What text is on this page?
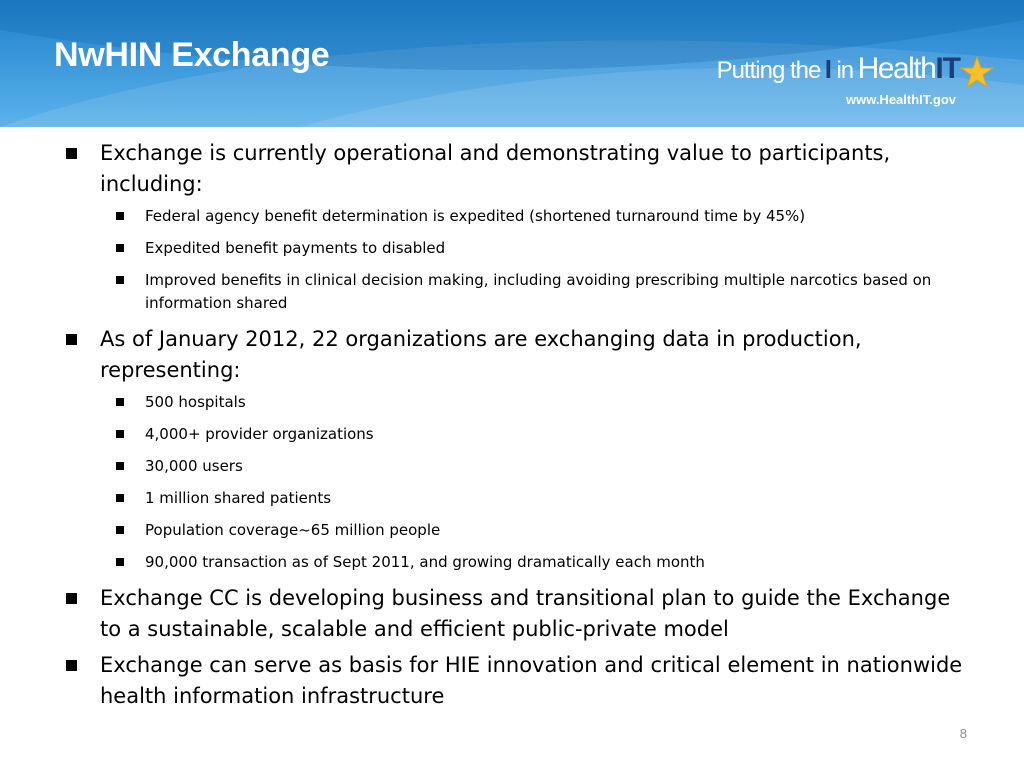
NwHIN Exchange	Putting the I in HealthIT
www.HealthIT.gov
Exchange is currently operational and demonstrating value to participants, including:
Federal agency benefit determination is expedited (shortened turnaround time by 45%)
Expedited benefit payments to disabled
Improved benefits in clinical decision making, including avoiding prescribing multiple narcotics based on information shared
As of January 2012, 22 organizations are exchanging data in production, representing:
500 hospitals
4,000+ provider organizations
30,000 users
1 million shared patients
Population coverage~65 million people
90,000 transaction as of Sept 2011, and growing dramatically each month
Exchange CC is developing business and transitional plan to guide the Exchange to a sustainable, scalable and efficient public-private model
Exchange can serve as basis for HIE innovation and critical element in nationwide health information infrastructure
8
